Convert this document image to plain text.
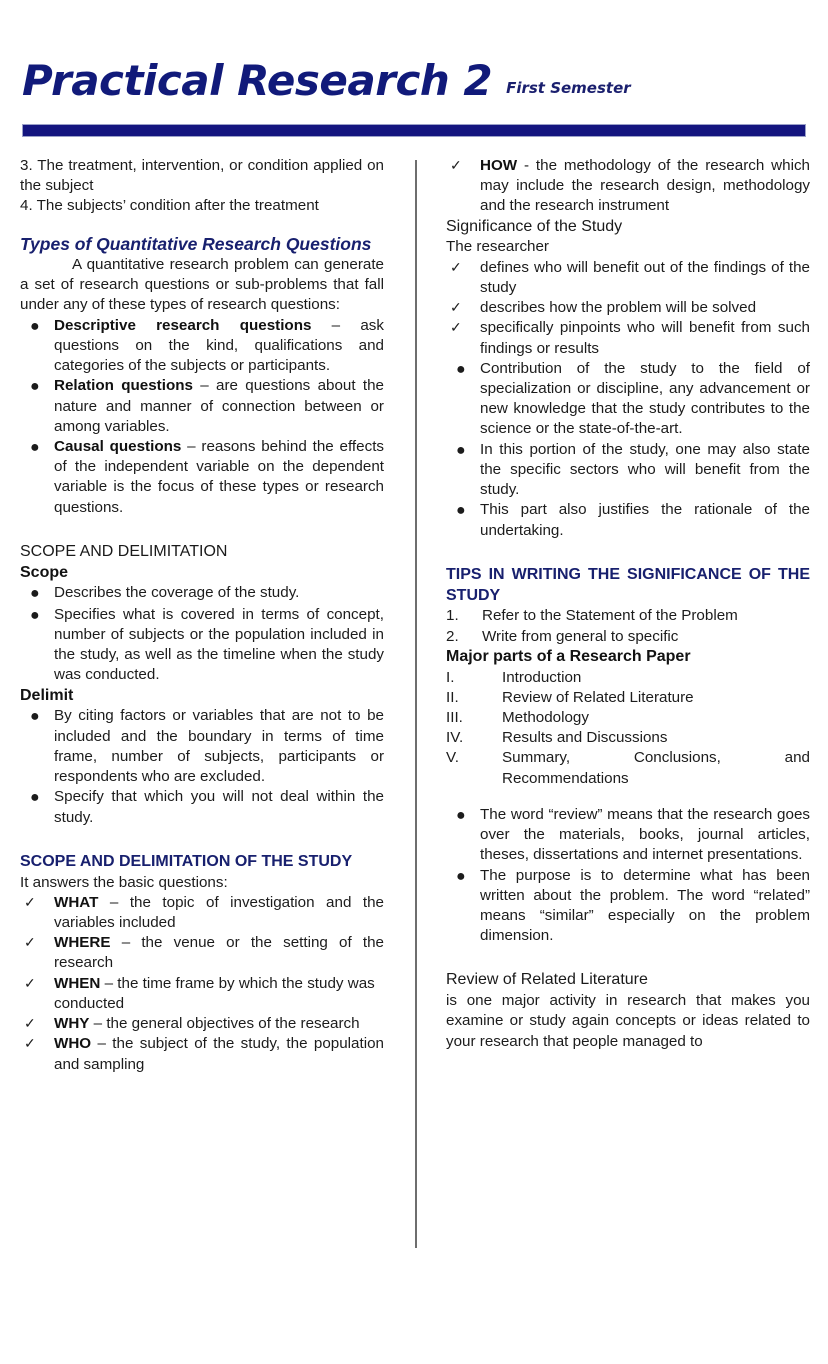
Practical Research 2 First Semester

3. The treatment, intervention, or condition applied on the subject

4. The subjects’ condition after the treatment

Types of Quantitative Research Questions

A quantitative research problem can generate a set of research questions or sub-problems that fall under any of these types of research questions:

● Descriptive research questions – ask questions on the kind, qualifications and categories of the subjects or participants.
● Relation questions – are questions about the nature and manner of connection between or among variables.
● Causal questions – reasons behind the effects of the independent variable on the dependent variable is the focus of these types or research questions.

SCOPE AND DELIMITATION

Scope
● Describes the coverage of the study.
● Specifies what is covered in terms of concept, number of subjects or the population included in the study, as well as the timeline when the study was conducted.
Delimit
● By citing factors or variables that are not to be included and the boundary in terms of time frame, number of subjects, participants or respondents who are excluded.
● Specify that which you will not deal within the study.
SCOPE AND DELIMITATION OF THE STUDY

It answers the basic questions:

✓	WHAT – the topic of investigation and the variables included
✓	WHERE – the venue or the setting of the research
✓	WHEN – the time frame by which the study was conducted
✓	WHY – the general objectives of the research
✓	WHO – the subject of the study, the population and sampling
✓	HOW - the methodology of the research which may include the research design, methodology and the research instrument

Significance of the Study

The researcher

✓	defines who will benefit out of the findings of the study
✓	describes how the problem will be solved
✓	specifically pinpoints who will benefit from such findings or results
● Contribution of the study to the field of specialization or discipline, any advancement or new knowledge that the study contributes to the science or the state-of-the-art.
● In this portion of the study, one may also state the specific sectors who will benefit from the study.
● This part also justifies the rationale of the undertaking.
TIPS IN WRITING THE SIGNIFICANCE OF THE STUDY
1.	Refer to the Statement of the Problem
2.	Write from general to specific
Major parts of a Research Paper
I.	Introduction
II.	Review of Related Literature
III.	Methodology
IV.	Results and Discussions
V.	Summary, Conclusions, and Recommendations
● The word “review” means that the research goes over the materials, books, journal articles, theses, dissertations and internet presentations.
● The purpose is to determine what has been written about the problem. The word “related” means “similar” especially on the problem dimension.

Review of Related Literature

is one major activity in research that makes you examine or study again concepts or ideas related to your research that people managed to
